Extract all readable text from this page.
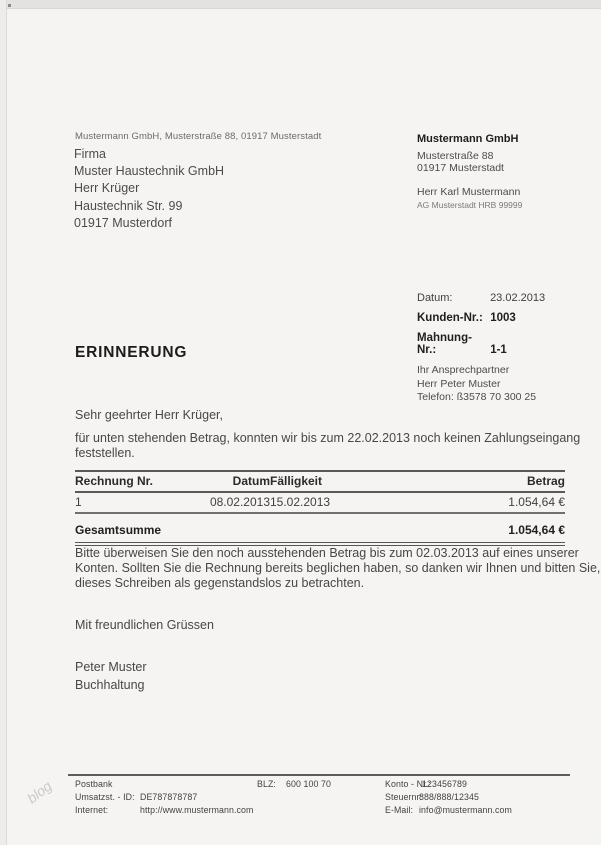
blog
Mustermann GmbH, Musterstraße 88, 01917 Musterstadt
Firma
Muster Haustechnik GmbH
Herr Krüger
Haustechnik Str. 99
01917 Musterdorf
Mustermann GmbH
Musterstraße 88
01917 Musterstadt
Herr Karl Mustermann
AG Musterstadt HRB 99999
Datum:	23.02.2013
Kunden-Nr.: 1003
Mahnung-Nr.:	1-1
Ihr Ansprechpartner
Herr Peter Muster
Telefon: ß3578 70 300 25
ERINNERUNG
Sehr geehrter Herr Krüger,
für unten stehenden Betrag, konnten wir bis zum 22.02.2013 noch keinen Zahlungseingang
feststellen.
Rechnung Nr.	Datum	Fälligkeit	Betrag
1	08.02.2013	15.02.2013	1.054,64 €
Gesamtsumme			1.054,64 €
Bitte überweisen Sie den noch ausstehenden Betrag bis zum 02.03.2013 auf eines unserer
Konten. Sollten Sie die Rechnung bereits beglichen haben, so danken wir Ihnen und bitten Sie,
dieses Schreiben als gegenstandslos zu betrachten.
Mit freundlichen Grüssen
Peter Muster
Buchhaltung
Postbank	BLZ: 600 100 70	Konto - Nr.:
123456789
Umsatzst. - ID: DE787878787	Steuernr:
888/888/12345
Internet:	http://www.mustermann.com	E-Mail: info@mustermann.com
